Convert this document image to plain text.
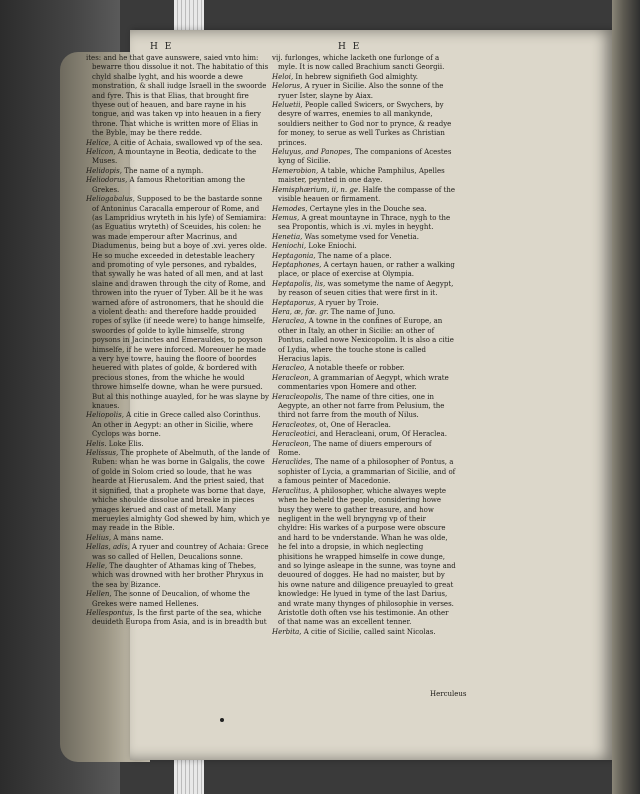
H E	H E

ites: and he that gave aunswere, saied vnto him: bewarre thou dissolue it not. The habitatio of this chyld shalbe lyght, and his woorde a dewe monstration, & shall iudge Israell in the swoorde and fyre. This is that Elias, that brought fire thyese out of heauen, and bare rayne in his tongue, and was taken vp into heauen in a fiery throne. That whiche is written more of Elias in the Byble, may be there redde.

Helice, A citie of Achaia, swallowed vp of the sea.

Helicon, A mountayne in Beotia, dedicate to the Muses.

Helidopis, The name of a nymph.

Heliodorus, A famous Rhetoritian among the Grekes.

Heliogabalus, Supposed to be the bastarde sonne of Antoninus Caracalla emperour of Rome, and (as Lampridius wryteth in his lyfe) of Semiamira: (as Eguatius wryteth) of Sceuides, his colen: he was made emperour after Macrinus, and Diadumenus, being but a boye of .xvi. yeres olde. He so muche exceeded in detestable leachery and promoting of vyle persones, and rybaldes, that sywally he was hated of all men, and at last slaine and drawen through the city of Rome, and throwen into the ryuer of Tyber. All be it he was warned afore of astronomers, that he should die a violent death: and therefore hadde prouided ropes of sylke (if neede were) to hange himselfe, swoordes of golde to kylle himselfe, strong poysons in Jacinctes and Emerauldes, to poyson himselfe, if he were inforced. Moreouer he made a very hye towre, hauing the floore of boordes heuered with plates of golde, & bordered with precious stones, from the whiche he would throwe himselfe downe, whan he were pursued. But al this nothinge auayled, for he was slayne by knaues.

Heliopolis, A citie in Grece called also Corinthus. An other in Aegypt: an other in Sicilie, where Cyclops was borne.

Helis. Loke Elis.

Helissus, The prophete of Abelmuth, of the lande of Ruben: whan he was borne in Galgalis, the cowe of golde in Solom cried so loude, that he was hearde at Hierusalem. And the priest saied, that it signified, that a prophete was borne that daye, whiche shoulde dissolue and breake in pieces ymages kerued and cast of metall. Many merueyles almighty God shewed by him, which ye may reade in the Bible.

Helius, A mans name.

Hellas, adis, A ryuer and countrey of Achaia: Grece was so called of Hellen, Deucalions sonne.

Helle, The daughter of Athamas king of Thebes, which was drowned with her brother Phryxus in the sea by Bizance.

Hellen, The sonne of Deucalion, of whome the Grekes were named Hellenes.

Hellespontus, Is the first parte of the sea, whiche deuideth Europa from Asia, and is in breadth but

vij. furlonges, whiche lacketh one furlonge of a myle. It is now called Brachium sancti Georgii.

Heloi, In hebrew signifieth God almighty.

Helorus, A ryuer in Sicilie. Also the sonne of the ryuer Ister, slayne by Aiax.

Heluetii, People called Swicers, or Swychers, by desyre of warres, enemies to all mankynde, souldiers neither to God nor to prynce, & readye for money, to serue as well Turkes as Christian princes.

Heluyus, and Panopes, The companions of Acestes kyng of Sicilie.

Hemerobion, A table, whiche Pamphilus, Apelles maister, peynted in one daye.

Hemisphærium, ii, n. ge. Halfe the compasse of the visible heauen or firmament.

Hemodes, Certayne yles in the Douche sea.

Hemus, A great mountayne in Thrace, nygh to the sea Propontis, which is .vi. myles in heyght.

Henetia, Was sometyme vsed for Venetia.

Heniochi, Loke Eniochi.

Heptagonia, The name of a place.

Heptaphones, A certayn hauen, or rather a walking place, or place of exercise at Olympia.

Heptapolis, lis, was sometyme the name of Aegypt, by reason of seuen cities that were first in it.

Heptaporus, A ryuer by Troie.

Hera, æ, fœ. gr. The name of Juno.

Heraclea, A towne in the confines of Europe, an other in Italy, an other in Sicilie: an other of Pontus, called nowe Nexicopolim. It is also a citie of Lydia, where the touche stone is called Heracius lapis.

Heracleo, A notable theefe or robber.

Heracleon, A grammarian of Aegypt, which wrate commentaries vpon Homere and other.

Heracleopolis, The name of thre cities, one in Aegypte, an other not farre from Pelusium, the third not farre from the mouth of Nilus.

Heracleotes, ot, One of Heraclea.

Heracleotici, and Heracleani, orum, Of Heraclea.

Heracleon, The name of diuers emperours of Rome.

Heraclides, The name of a philosopher of Pontus, a sophister of Lycia, a grammarian of Sicilie, and of a famous peinter of Macedonie.

Heraclitus, A philosopher, whiche alwayes wepte when he beheld the people, considering howe busy they were to gather treasure, and how negligent in the well bryngyng vp of their chyldre: His warkes of a purpose were obscure and hard to be vnderstande. Whan he was olde, he fel into a dropsie, in which neglecting phisitions he wrapped himselfe in cowe dunge, and so lyinge asleape in the sunne, was toyne and deuoured of dogges. He had no maister, but by his owne nature and diligence preuayled to great knowledge: He lyued in tyme of the last Darius, and wrate many thynges of philosophie in verses. Aristotle doth often vse his testimonie. An other of that name was an excellent tenner.

Herbita, A citie of Sicilie, called saint Nicolas.

Herculeus
